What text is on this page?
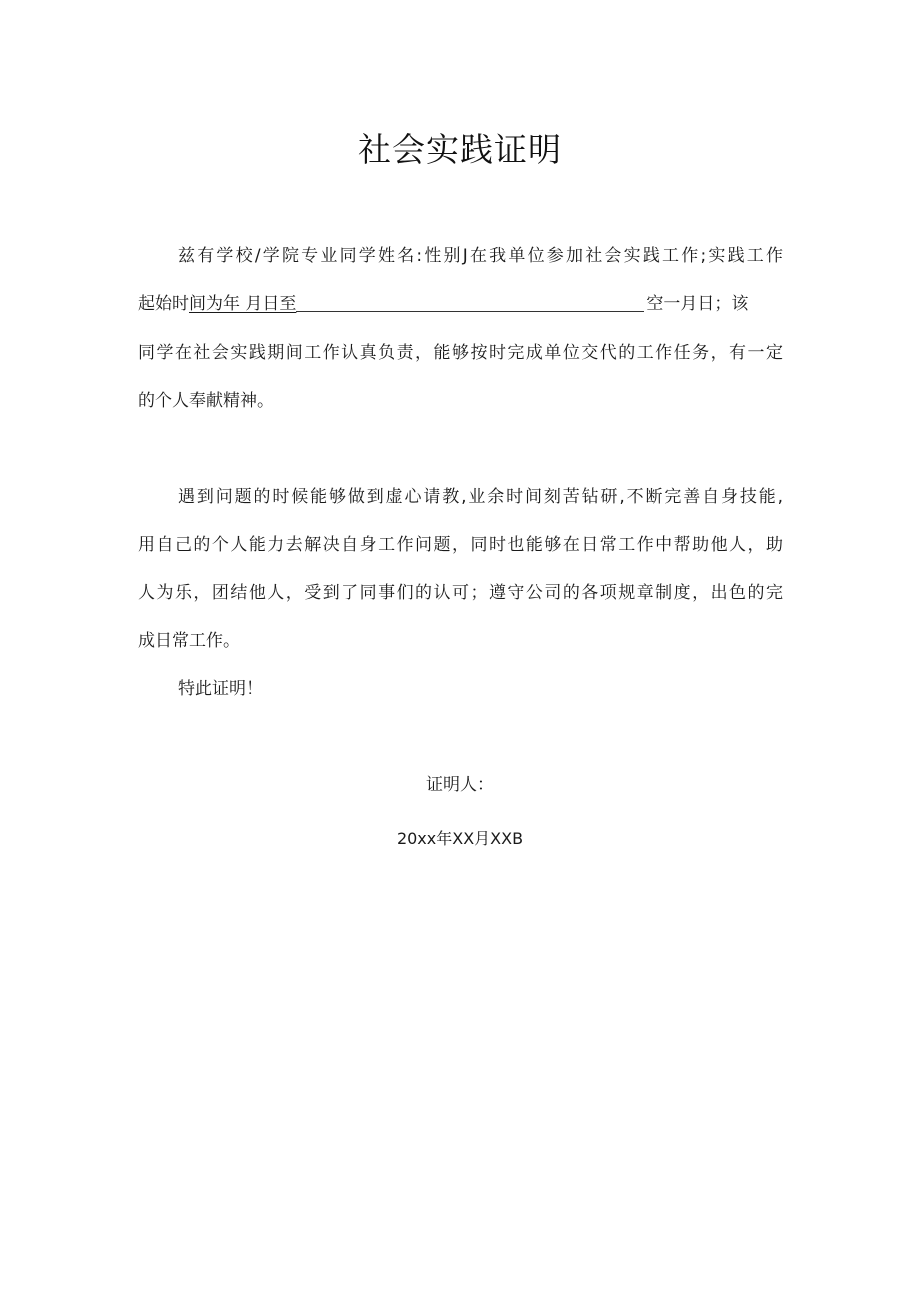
社会实践证明
兹有学校/学院专业同学姓名:性别J在我单位参加社会实践工作;实践工作
起始时间为年 月日至	空一月日；该
同学在社会实践期间工作认真负责，能够按时完成单位交代的工作任务，有一定
的个人奉献精神。
遇到问题的时候能够做到虚心请教,业余时间刻苦钻研,不断完善自身技能,
用自己的个人能力去解决自身工作问题，同时也能够在日常工作中帮助他人，助
人为乐，团结他人，受到了同事们的认可；遵守公司的各项规章制度，出色的完
成日常工作。
特此证明！
证明人：
20xx年XX月XXB
